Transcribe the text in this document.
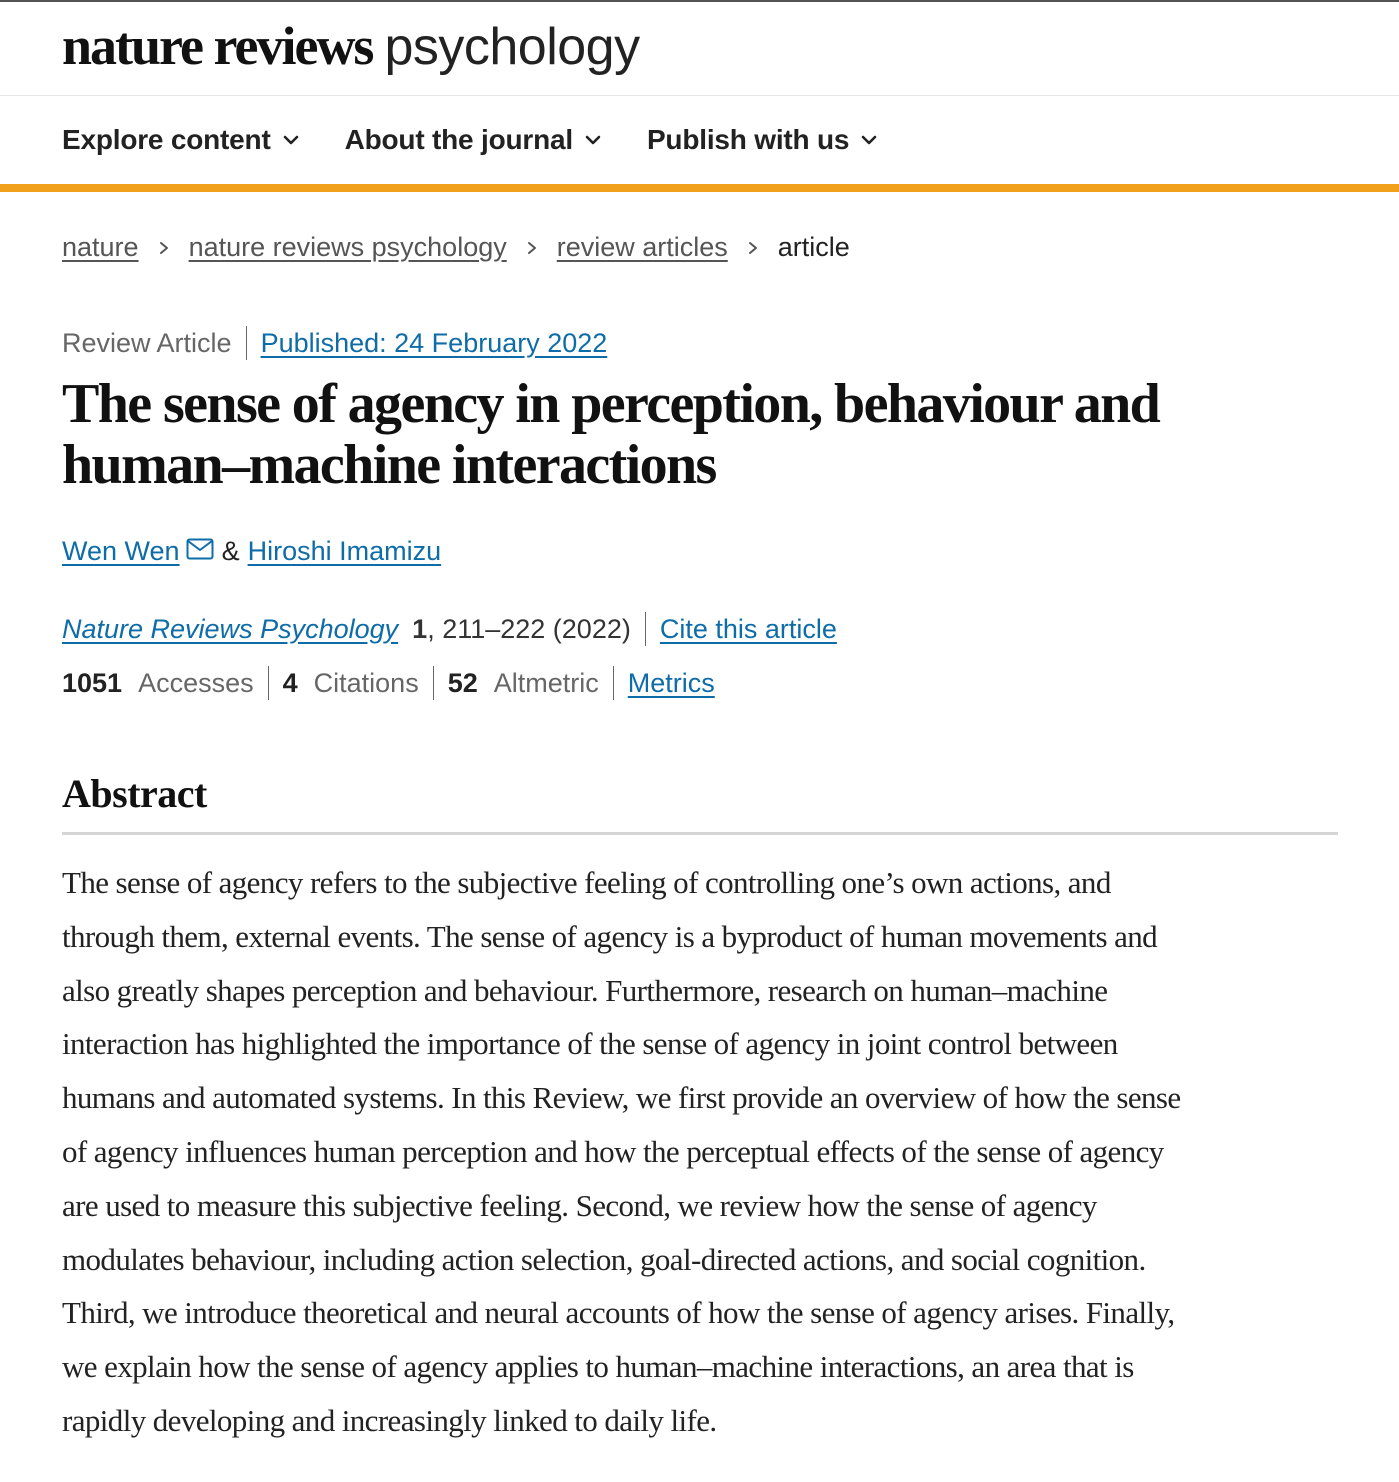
nature reviews psychology
Explore content	About the journal	Publish with us
nature nature reviews psychology review articles article
Review Article Published: 24 February 2022
The sense of agency in perception, behaviour and
human–machine interactions
Wen Wen & Hiroshi Imamizu
Nature Reviews Psychology 1 , 211–222 (2022) Cite this article
1051 Accesses 4 Citations 52 Altmetric Metrics
Abstract

The sense of agency refers to the subjective feeling of controlling one’s own actions, and
through them, external events. The sense of agency is a byproduct of human movements and
also greatly shapes perception and behaviour. Furthermore, research on human–machine
interaction has highlighted the importance of the sense of agency in joint control between
humans and automated systems. In this Review, we first provide an overview of how the sense
of agency influences human perception and how the perceptual effects of the sense of agency
are used to measure this subjective feeling. Second, we review how the sense of agency
modulates behaviour, including action selection, goal-directed actions, and social cognition.
Third, we introduce theoretical and neural accounts of how the sense of agency arises. Finally,
we explain how the sense of agency applies to human–machine interactions, an area that is
rapidly developing and increasingly linked to daily life.
